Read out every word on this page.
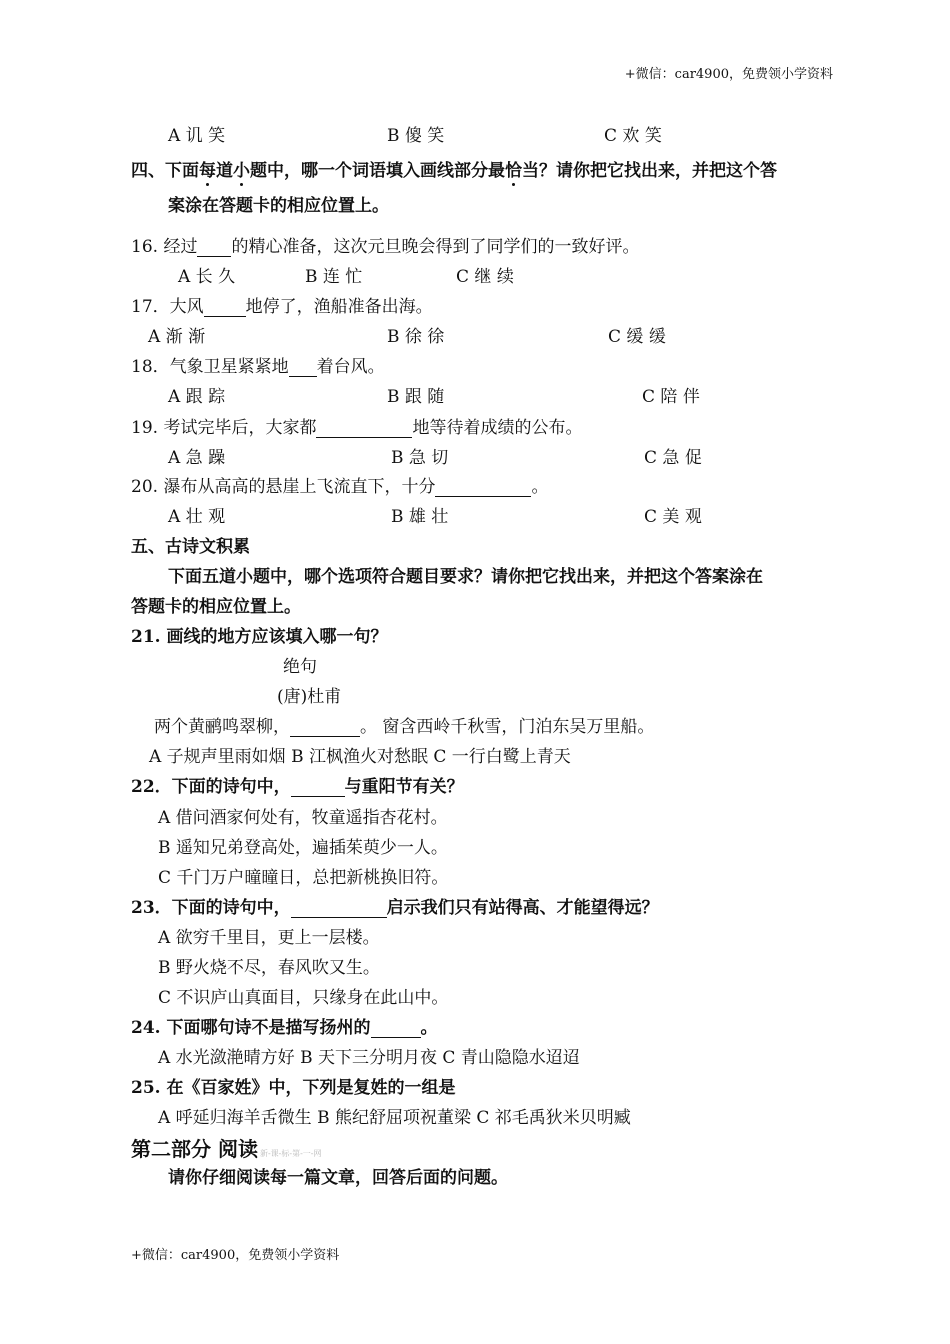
+微信：car4900，免费领小学资料
A 讥 笑	B 傻 笑	C 欢 笑
四、下面每道小题中，哪一个词语填入画线部分最恰当？请你把它找出来，并把这个答
案涂在答题卡的相应位置上。
16. 经过 的精心准备，这次元旦晚会得到了同学们的一致好评。
A 长 久	B 连 忙	C 继 续
17．大风 地停了，渔船准备出海。
A 渐 渐	B 徐 徐	C 缓 缓
18．气象卫星紧紧地 着台风。
A 跟 踪	B 跟 随	C 陪 伴
19. 考试完毕后，大家都	地等待着成绩的公布。
A 急 躁	B 急 切	C 急 促
20. 瀑布从高高的悬崖上飞流直下，十分	。
A 壮 观	B 雄 壮	C 美 观
五、古诗文积累
下面五道小题中，哪个选项符合题目要求？请你把它找出来，并把这个答案涂在
答题卡的相应位置上。
21. 画线的地方应该填入哪一句？
绝句
(唐)杜甫
两个黄鹂鸣翠柳，	。 窗含西岭千秋雪，门泊东吴万里船。
A 子规声里雨如烟 B 江枫渔火对愁眠 C 一行白鹭上青天
22．下面的诗句中，	与重阳节有关？
A 借问酒家何处有，牧童遥指杏花村。
B 遥知兄弟登高处，遍插茱萸少一人。
C 千门万户曈曈日，总把新桃换旧符。
23．下面的诗句中，	启示我们只有站得高、才能望得远？
A 欲穷千里目，更上一层楼。
B 野火烧不尽，春风吹又生。
C 不识庐山真面目，只缘身在此山中。
24. 下面哪句诗不是描写扬州的	。
A 水光潋滟晴方好 B 天下三分明月夜 C 青山隐隐水迢迢
25. 在《百家姓》中，下列是复姓的一组是
A 呼延归海羊舌微生 B 熊纪舒屈项祝董梁 C 祁毛禹狄米贝明臧
第二部分 阅读 新-课-标-第-一-网
请你仔细阅读每一篇文章，回答后面的问题。
+微信：car4900，免费领小学资料
